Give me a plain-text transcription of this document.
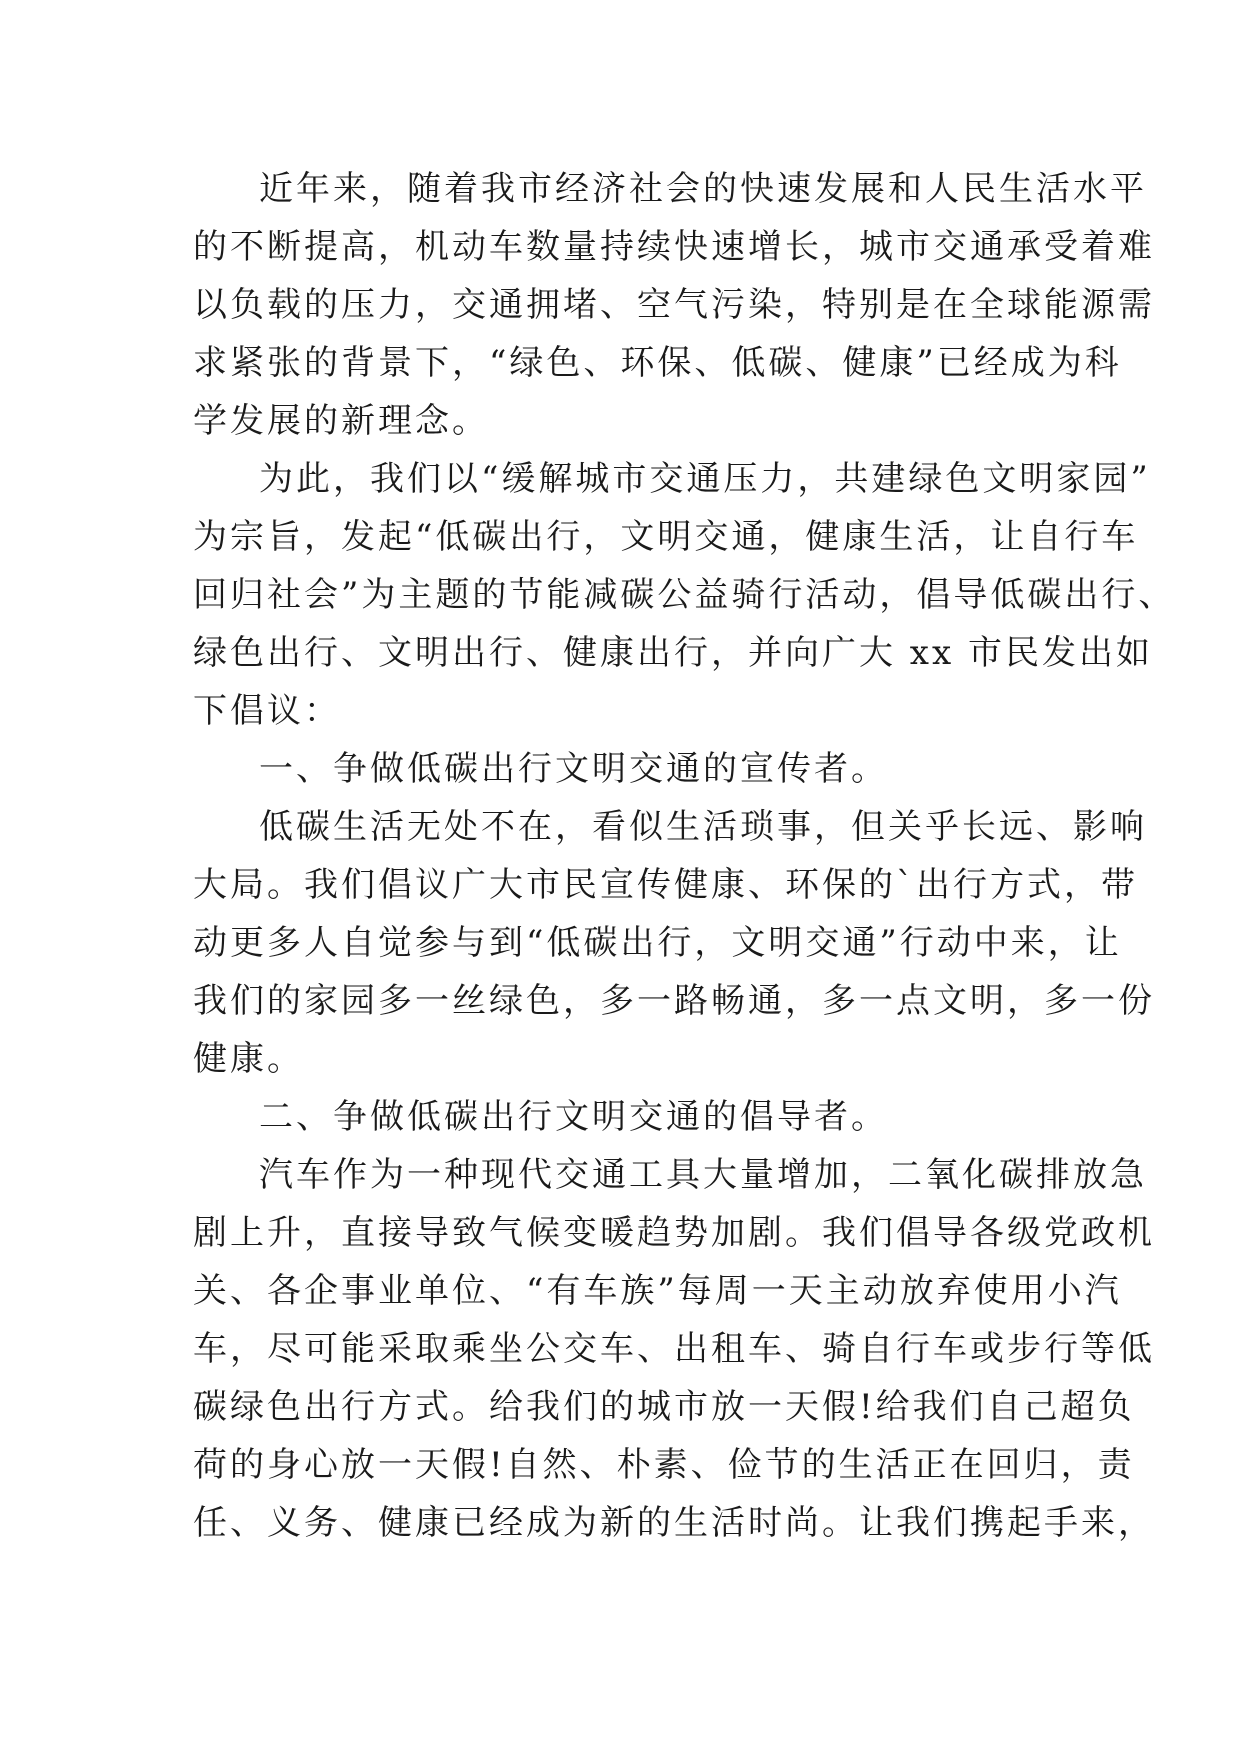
近年来，随着我市经济社会的快速发展和人民生活水平
的不断提高，机动车数量持续快速增长，城市交通承受着难
以负载的压力，交通拥堵、空气污染，特别是在全球能源需
求紧张的背景下，“绿色、环保、低碳、健康”已经成为科
学发展的新理念。
为此，我们以“缓解城市交通压力，共建绿色文明家园”
为宗旨，发起“低碳出行，文明交通，健康生活，让自行车
回归社会”为主题的节能减碳公益骑行活动，倡导低碳出行、
绿色出行、文明出行、健康出行，并向广大 xx 市民发出如
下倡议：
一、争做低碳出行文明交通的宣传者。
低碳生活无处不在，看似生活琐事，但关乎长远、影响
大局。我们倡议广大市民宣传健康、环保的`出行方式，带
动更多人自觉参与到“低碳出行，文明交通”行动中来，让
我们的家园多一丝绿色，多一路畅通，多一点文明，多一份
健康。
二、争做低碳出行文明交通的倡导者。
汽车作为一种现代交通工具大量增加，二氧化碳排放急
剧上升，直接导致气候变暖趋势加剧。我们倡导各级党政机
关、各企事业单位、“有车族”每周一天主动放弃使用小汽
车，尽可能采取乘坐公交车、出租车、骑自行车或步行等低
碳绿色出行方式。给我们的城市放一天假!给我们自己超负
荷的身心放一天假!自然、朴素、俭节的生活正在回归，责
任、义务、健康已经成为新的生活时尚。让我们携起手来，
